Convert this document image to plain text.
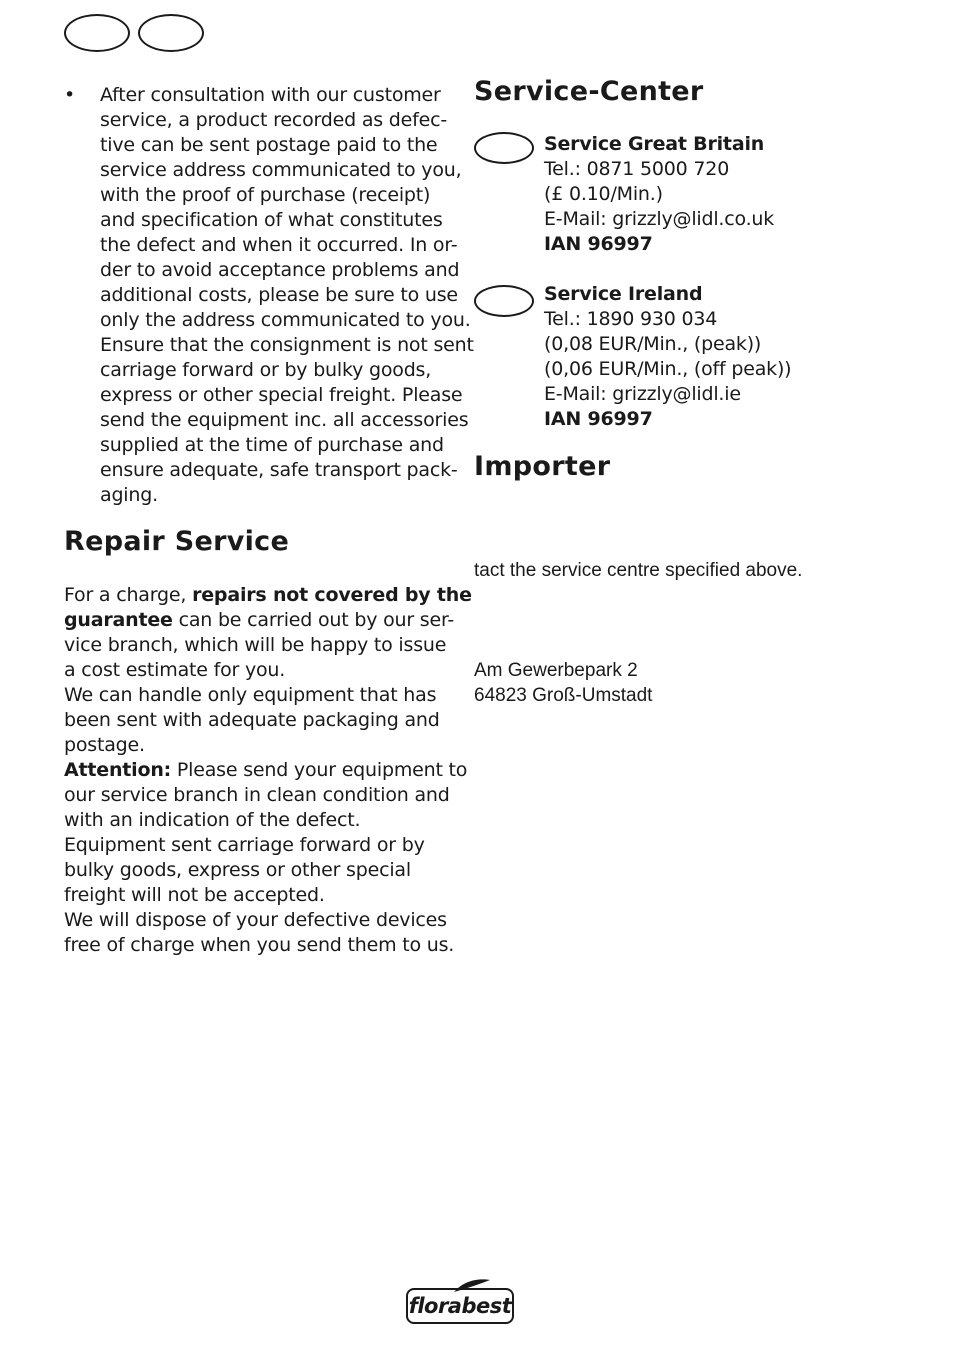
• After consultation with our customer
service, a product recorded as defec-
tive can be sent postage paid to the
service address communicated to you,
with the proof of purchase (receipt)
and specification of what constitutes
the defect and when it occurred. In or-
der to avoid acceptance problems and
additional costs, please be sure to use
only the address communicated to you.
Ensure that the consignment is not sent
carriage forward or by bulky goods,
express or other special freight. Please
send the equipment inc. all accessories
supplied at the time of purchase and
ensure adequate, safe transport pack-
aging.
Repair Service
For a charge, repairs not covered by the
guarantee can be carried out by our ser-
vice branch, which will be happy to issue
a cost estimate for you.
We can handle only equipment that has
been sent with adequate packaging and
postage.
Attention: Please send your equipment to
our service branch in clean condition and
with an indication of the defect.
Equipment sent carriage forward or by
bulky goods, express or other special
freight will not be accepted.
We will dispose of your defective devices
free of charge when you send them to us.
Service-Center
Service Great Britain
Tel.: 0871 5000 720
(£ 0.10/Min.)
E-Mail: grizzly@lidl.co.uk
IAN 96997
Service Ireland
Tel.: 1890 930 034
(0,08 EUR/Min., (peak))
(0,06 EUR/Min., (off peak))
E-Mail: grizzly@lidl.ie
IAN 96997
Importer
tact the service centre specified above.
Am Gewerbepark 2
64823 Groß-Umstadt
florabest
